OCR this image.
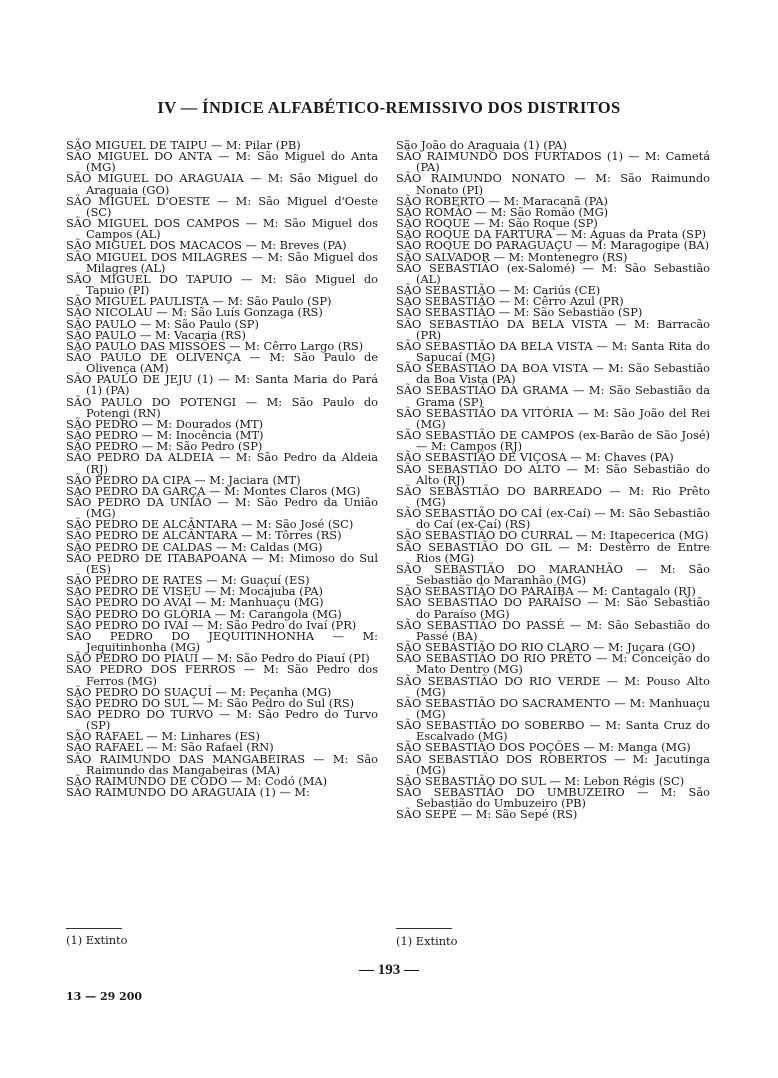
IV — ÍNDICE ALFABÉTICO-REMISSIVO DOS DISTRITOS
SÃO MIGUEL DE TAIPU — M: Pilar (PB)
SÃO MIGUEL DO ANTA — M: São Miguel do Anta (MG)
SÃO MIGUEL DO ARAGUAIA — M: São Miguel do Araguaia (GO)
SÃO MIGUEL D'OESTE — M: São Miguel d'Oeste (SC)
SÃO MIGUEL DOS CAMPOS — M: São Miguel dos Campos (AL)
SÃO MIGUEL DOS MACACOS — M: Breves (PA)
SÃO MIGUEL DOS MILAGRES — M: São Miguel dos Milagres (AL)
SÃO MIGUEL DO TAPUIO — M: São Miguel do Tapuio (PI)
SÃO MIGUEL PAULISTA — M: São Paulo (SP)
SÃO NICOLAU — M: São Luís Gonzaga (RS)
SÃO PAULO — M: São Paulo (SP)
SÃO PAULO — M: Vacaria (RS)
SÃO PAULO DAS MISSÕES — M: Cêrro Largo (RS)
SÃO PAULO DE OLIVENÇA — M: São Paulo de Olivença (AM)
SÃO PAULO DE JEJU (1) — M: Santa Maria do Pará (1) (PA)
SÃO PAULO DO POTENGI — M: São Paulo do Potengi (RN)
SÃO PEDRO — M: Dourados (MT)
SÃO PEDRO — M: Inocência (MT)
SÃO PEDRO — M: São Pedro (SP)
SÃO PEDRO DA ALDEIA — M: São Pedro da Aldeia (RJ)
SÃO PEDRO DA CIPA — M: Jaciara (MT)
SÃO PEDRO DA GARÇA — M: Montes Claros (MG)
SÃO PEDRO DA UNIÃO — M: São Pedro da União (MG)
SÃO PEDRO DE ALCÂNTARA — M: São José (SC)
SÃO PEDRO DE ALCÂNTARA — M: Tôrres (RS)
SÃO PEDRO DE CALDAS — M: Caldas (MG)
SÃO PEDRO DE ITABAPOANA — M: Mimoso do Sul (ES)
SÃO PEDRO DE RATES — M: Guaçuí (ES)
SÃO PEDRO DE VISEU — M: Mocajuba (PA)
SÃO PEDRO DO AVAÍ — M: Manhuaçu (MG)
SÃO PEDRO DO GLÓRIA — M: Carangola (MG)
SÃO PEDRO DO IVAÍ — M: São Pedro do Ivaí (PR)
SÃO PEDRO DO JEQUITINHONHA — M: Jequitinhonha (MG)
SÃO PEDRO DO PIAUÍ — M: São Pedro do Piauí (PI)
SÃO PEDRO DOS FERROS — M: São Pedro dos Ferros (MG)
SÃO PEDRO DO SUAÇUÍ — M: Peçanha (MG)
SÃO PEDRO DO SUL — M: São Pedro do Sul (RS)
SÃO PEDRO DO TURVO — M: São Pedro do Turvo (SP)
SÃO RAFAEL — M: Linhares (ES)
SÃO RAFAEL — M: São Rafael (RN)
SÃO RAIMUNDO DAS MANGABEIRAS — M: São Raimundo das Mangabeiras (MA)
SÃO RAIMUNDO DE CODÓ — M: Codó (MA)
SÃO RAIMUNDO DO ARAGUAIA (1) — M:
São João do Araguaia (1) (PA)
SÃO RAIMUNDO DOS FURTADOS (1) — M: Cametá (PA)
SÃO RAIMUNDO NONATO — M: São Raimundo Nonato (PI)
SÃO ROBERTO — M: Maracanã (PA)
SÃO ROMÃO — M: São Romão (MG)
SÃO ROQUE — M: São Roque (SP)
SÃO ROQUE DA FARTURA — M: Águas da Prata (SP)
SÃO ROQUE DO PARAGUAÇU — M: Maragogipe (BA)
SÃO SALVADOR — M: Montenegro (RS)
SÃO SEBASTIÃO (ex-Salomé) — M: São Sebastião (AL)
SÃO SEBASTIÃO — M: Cariús (CE)
SÃO SEBASTIÃO — M: Cêrro Azul (PR)
SÃO SEBASTIÃO — M: São Sebastião (SP)
SÃO SEBASTIÃO DA BELA VISTA — M: Barracão (PR)
SÃO SEBASTIÃO DA BELA VISTA — M: Santa Rita do Sapucaí (MG)
SÃO SEBASTIÃO DA BOA VISTA — M: São Sebastião da Boa Vista (PA)
SÃO SEBASTIÃO DA GRAMA — M: São Sebastião da Grama (SP)
SÃO SEBASTIÃO DA VITÓRIA — M: São João del Rei (MG)
SÃO SEBASTIÃO DE CAMPOS (ex-Barão de São José) — M: Campos (RJ)
SÃO SEBASTIÃO DE VIÇOSA — M: Chaves (PA)
SÃO SEBASTIÃO DO ALTO — M: São Sebastião do Alto (RJ)
SÃO SEBASTIÃO DO BARREADO — M: Rio Prêto (MG)
SÃO SEBASTIÃO DO CAÍ (ex-Caí) — M: São Sebastião do Caí (ex-Caí) (RS)
SÃO SEBASTIÃO DO CURRAL — M: Itapecerica (MG)
SÃO SEBASTIÃO DO GIL — M: Destêrro de Entre Rios (MG)
SÃO SEBASTIÃO DO MARANHÃO — M: São Sebastião do Maranhão (MG)
SÃO SEBASTIÃO DO PARAÍBA — M: Cantagalo (RJ)
SÃO SEBASTIÃO DO PARAÍSO — M: São Sebastião do Paraíso (MG)
SÃO SEBASTIÃO DO PASSÉ — M: São Sebastião do Passé (BA)
SÃO SEBASTIÃO DO RIO CLARO — M: Juçara (GO)
SÃO SEBASTIÃO DO RIO PRÊTO — M: Conceição do Mato Dentro (MG)
SÃO SEBASTIÃO DO RIO VERDE — M: Pouso Alto (MG)
SÃO SEBASTIÃO DO SACRAMENTO — M: Manhuaçu (MG)
SÃO SEBASTIÃO DO SOBERBO — M: Santa Cruz do Escalvado (MG)
SÃO SEBASTIÃO DOS POÇÕES — M: Manga (MG)
SÃO SEBASTIÃO DOS ROBERTOS — M: Jacutinga (MG)
SÃO SEBASTIÃO DO SUL — M: Lebon Régis (SC)
SÃO SEBASTIÃO DO UMBUZEIRO — M: São Sebastião do Umbuzeiro (PB)
SÃO SEPÉ — M: São Sepé (RS)
(1) Extinto	(1) Extinto
— 193 —
13 — 29 200
